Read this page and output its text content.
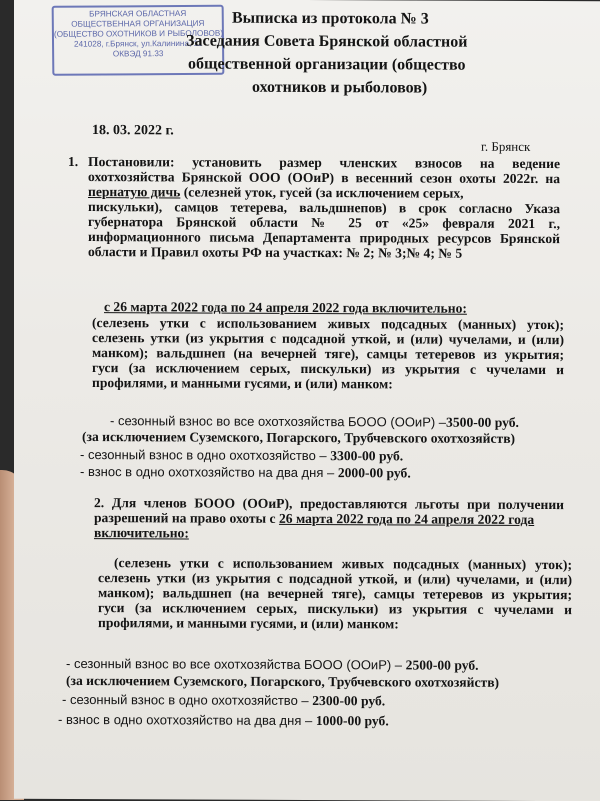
БРЯНСКАЯ ОБЛАСТНАЯ
ОБЩЕСТВЕННАЯ ОРГАНИЗАЦИЯ
(ОБЩЕСТВО ОХОТНИКОВ И РЫБОЛОВОВ)
241028, г.Брянск, ул.Калинина, 11
ОКВЭД 91.33
Выписка из протокола № 3
Заседания Совета Брянской областной
общественной организации (общество
охотников и рыболовов)
18. 03. 2022 г.
г. Брянск
1. Постановили: установить размер членских взносов на ведение
охотхозяйства Брянской ООО (ООиР) в весенний сезон охоты 2022г. на
пернатую дичь (селезней уток, гусей (за исключением серых,
пискульки), самцов тетерева, вальдшнепов) в срок согласно Указа
губернатора Брянской области № 25 от «25» февраля 2021 г.,
информационного письма Департамента природных ресурсов Брянской
области и Правил охоты РФ на участках: № 2; № 3;№ 4; № 5
с 26 марта 2022 года по 24 апреля 2022 года включительно:
(селезень утки с использованием живых подсадных (манных) уток);
селезень утки (из укрытия с подсадной уткой, и (или) чучелами, и (или)
манком); вальдшнеп (на вечерней тяге), самцы тетеревов из укрытия;
гуси (за исключением серых, пискульки) из укрытия с чучелами и
профилями, и манными гусями, и (или) манком:
- сезонный взнос во все охотхозяйства БООО (ООиР) –3500-00 руб.
(за исключением Суземского, Погарского, Трубчевского охотхозяйств)
- сезонный взнос в одно охотхозяйство – 3300-00 руб.
- взнос в одно охотхозяйство на два дня – 2000-00 руб.
2. Для членов БООО (ООиР), предоставляются льготы при получении
разрешений на право охоты с 26 марта 2022 года по 24 апреля 2022 года
включительно:
(селезень утки с использованием живых подсадных (манных) уток);
селезень утки (из укрытия с подсадной уткой, и (или) чучелами, и (или)
манком); вальдшнеп (на вечерней тяге), самцы тетеревов из укрытия;
гуси (за исключением серых, пискульки) из укрытия с чучелами и
профилями, и манными гусями, и (или) манком:
- сезонный взнос во все охотхозяйства БООО (ООиР) – 2500-00 руб.
(за исключением Суземского, Погарского, Трубчевского охотхозяйств)
- сезонный взнос в одно охотхозяйство – 2300-00 руб.
- взнос в одно охотхозяйство на два дня – 1000-00 руб.
